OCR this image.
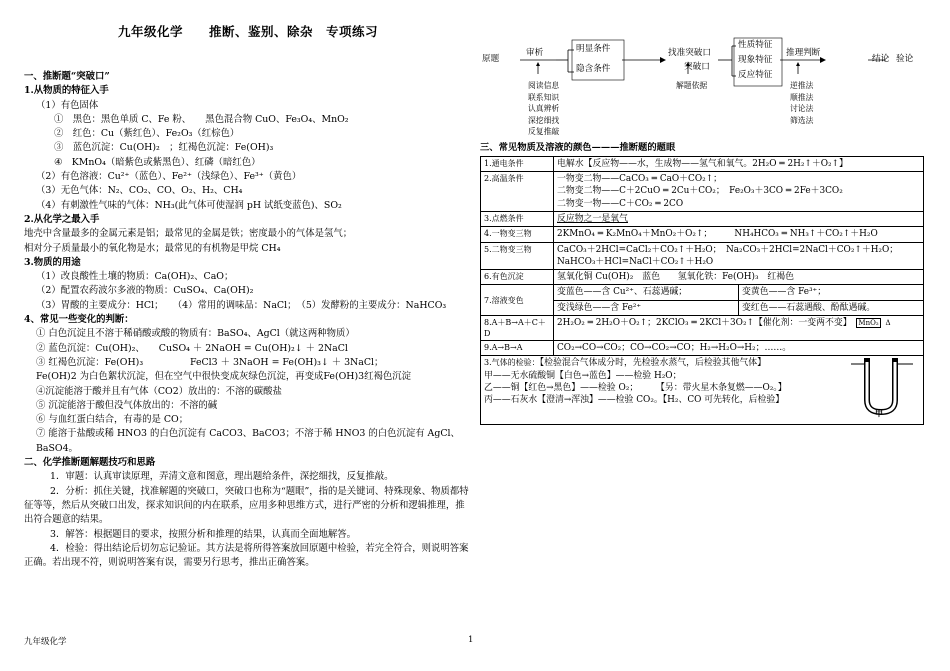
九年级化学　　推断、鉴别、除杂　专项练习
一、推断题“突破口”
1.从物质的特征入手
（1）有色固体
①　黑色：黑色单质 C、Fe 粉、　　黑色混合物 CuO、Fe₃O₄、MnO₂
②　红色：Cu（紫红色）、Fe₂O₃（红棕色）
③　蓝色沉淀：Cu(OH)₂　；红褐色沉淀：Fe(OH)₃
④　KMnO₄（暗紫色或紫黑色）、红磷（暗红色）
（2）有色溶液：Cu²⁺（蓝色）、Fe²⁺（浅绿色）、Fe³⁺（黄色）
（3）无色气体：N₂、CO₂、CO、O₂、H₂、CH₄
（4）有刺激性气味的气体：NH₃(此气体可使湿润 pH 试纸变蓝色)、SO₂
2.从化学之最入手
地壳中含量最多的金属元素是铝；最常见的金属是铁；密度最小的气体是氢气；
相对分子质量最小的氧化物是水；最常见的有机物是甲烷 CH₄
3.物质的用途
（1）改良酸性土壤的物质：Ca(OH)₂、CaO；
（2）配置农药波尔多液的物质：CuSO₄、Ca(OH)₂
（3）胃酸的主要成分：HCl；　　（4）常用的调味品：NaCl；　（5）发酵粉的主要成分：NaHCO₃
4、常见一些变化的判断：
① 白色沉淀且不溶于稀硝酸或酸的物质有：BaSO₄、AgCl（就这两种物质）
② 蓝色沉淀：Cu(OH)₂、　　CuSO₄ ＋ 2NaOH = Cu(OH)₂↓ ＋ 2NaCl
③ 红褐色沉淀：Fe(OH)₃　　　　　FeCl3 ＋ 3NaOH = Fe(OH)₃↓ ＋ 3NaCl；
Fe(OH)2 为白色絮状沉淀，但在空气中很快变成灰绿色沉淀，再变成Fe(OH)3红褐色沉淀
④沉淀能溶于酸并且有气体（CO2）放出的：不溶的碳酸盐
⑤ 沉淀能溶于酸但没气体放出的：不溶的碱
⑥ 与血红蛋白结合，有毒的是 CO；
⑦ 能溶于盐酸或稀 HNO3 的白色沉淀有 CaCO3、BaCO3；不溶于稀 HNO3 的白色沉淀有 AgCl、BaSO4。
二、化学推断题解题技巧和思路
1．审题：认真审读原理，弄清文意和图意，理出题给条件，深挖细找，反复推敲。
2．分析：抓住关键，找准解题的突破口，突破口也称为“题眼”，指的是关键词、特殊现象、物质都特征等等，然后从突破口出发，探求知识间的内在联系，应用多种思维方式，进行严密的分析和逻辑推理，推出符合题意的结果。
3．解答：根据题目的要求，按照分析和推理的结果，认真而全面地解答。
4．检验：得出结论后切勿忘记验证。其方法是将所得答案放回原题中检验，若完全符合，则说明答案正确。若出现不符，则说明答案有误，需要另行思考，推出正确答案。
原题
审析	明显条件
隐含条件
找准突破口
突破口
性质特征
现象特征
反应特征
推理判断
结论 验论
阅读信息
联系知识
认真辨析
深挖细找
反复推敲
解题依据	逆推法
顺推法
讨论法
筛选法
三、常见物质及溶液的颜色———推断题的题眼
1.通电条件	电解水【反应物——水，生成物——氢气和氧气。2H₂O ═ 2H₂↑＋O₂↑】
2.高温条件	一物变二物——CaCO₃ ═ CaO＋CO₂↑；
二物变二物——C＋2CuO ═ 2Cu＋CO₂；　Fe₂O₃＋3CO ═ 2Fe＋3CO₂
二物变一物——C＋CO₂ ═ 2CO

3.点燃条件	反应物之一是氧气
4.一物变三物	2KMnO₄ ═ K₂MnO₄＋MnO₂＋O₂↑；　　　NH₄HCO₃ ═ NH₃↑＋CO₂↑＋H₂O
5.二物变三物	CaCO₃＋2HCl=CaCl₂＋CO₂↑＋H₂O；　Na₂CO₃＋2HCl=2NaCl＋CO₂↑＋H₂O；
NaHCO₃＋HCl=NaCl＋CO₂↑＋H₂O

6.有色沉淀	氢氧化铜 Cu(OH)₂　蓝色　　氢氧化铁：Fe(OH)₃　红褐色
7.溶液变色	变蓝色——含 Cu²⁺、石蕊遇碱； 变黄色——含 Fe³⁺；
变浅绿色——含 Fe²⁺ 变红色——石蕊遇酸、酚酞遇碱。

8.A＋B→A＋C＋D	2H₂O₂ ═ 2H₂O＋O₂↑；2KClO₃ ═ 2KCl＋3O₂↑【催化剂：一变两不变】 MnO₂ Δ
9.A→B→A	CO₂→CO→CO₂；CO→CO₂→CO；H₂→H₂O→H₂；……。

3.气体的检验：【检验混合气体成分时，先检验水蒸气，后检验其他气体】
甲——无水硫酸铜【白色→蓝色】——检验 H₂O；
乙——铜【红色→黑色】——检验 O₂；　　　【另：带火星木条复燃——O₂。】
丙——石灰水【澄清→浑浊】——检验 CO₂。【H₂、CO 可先转化，后检验】
甲	
九年级化学	1
